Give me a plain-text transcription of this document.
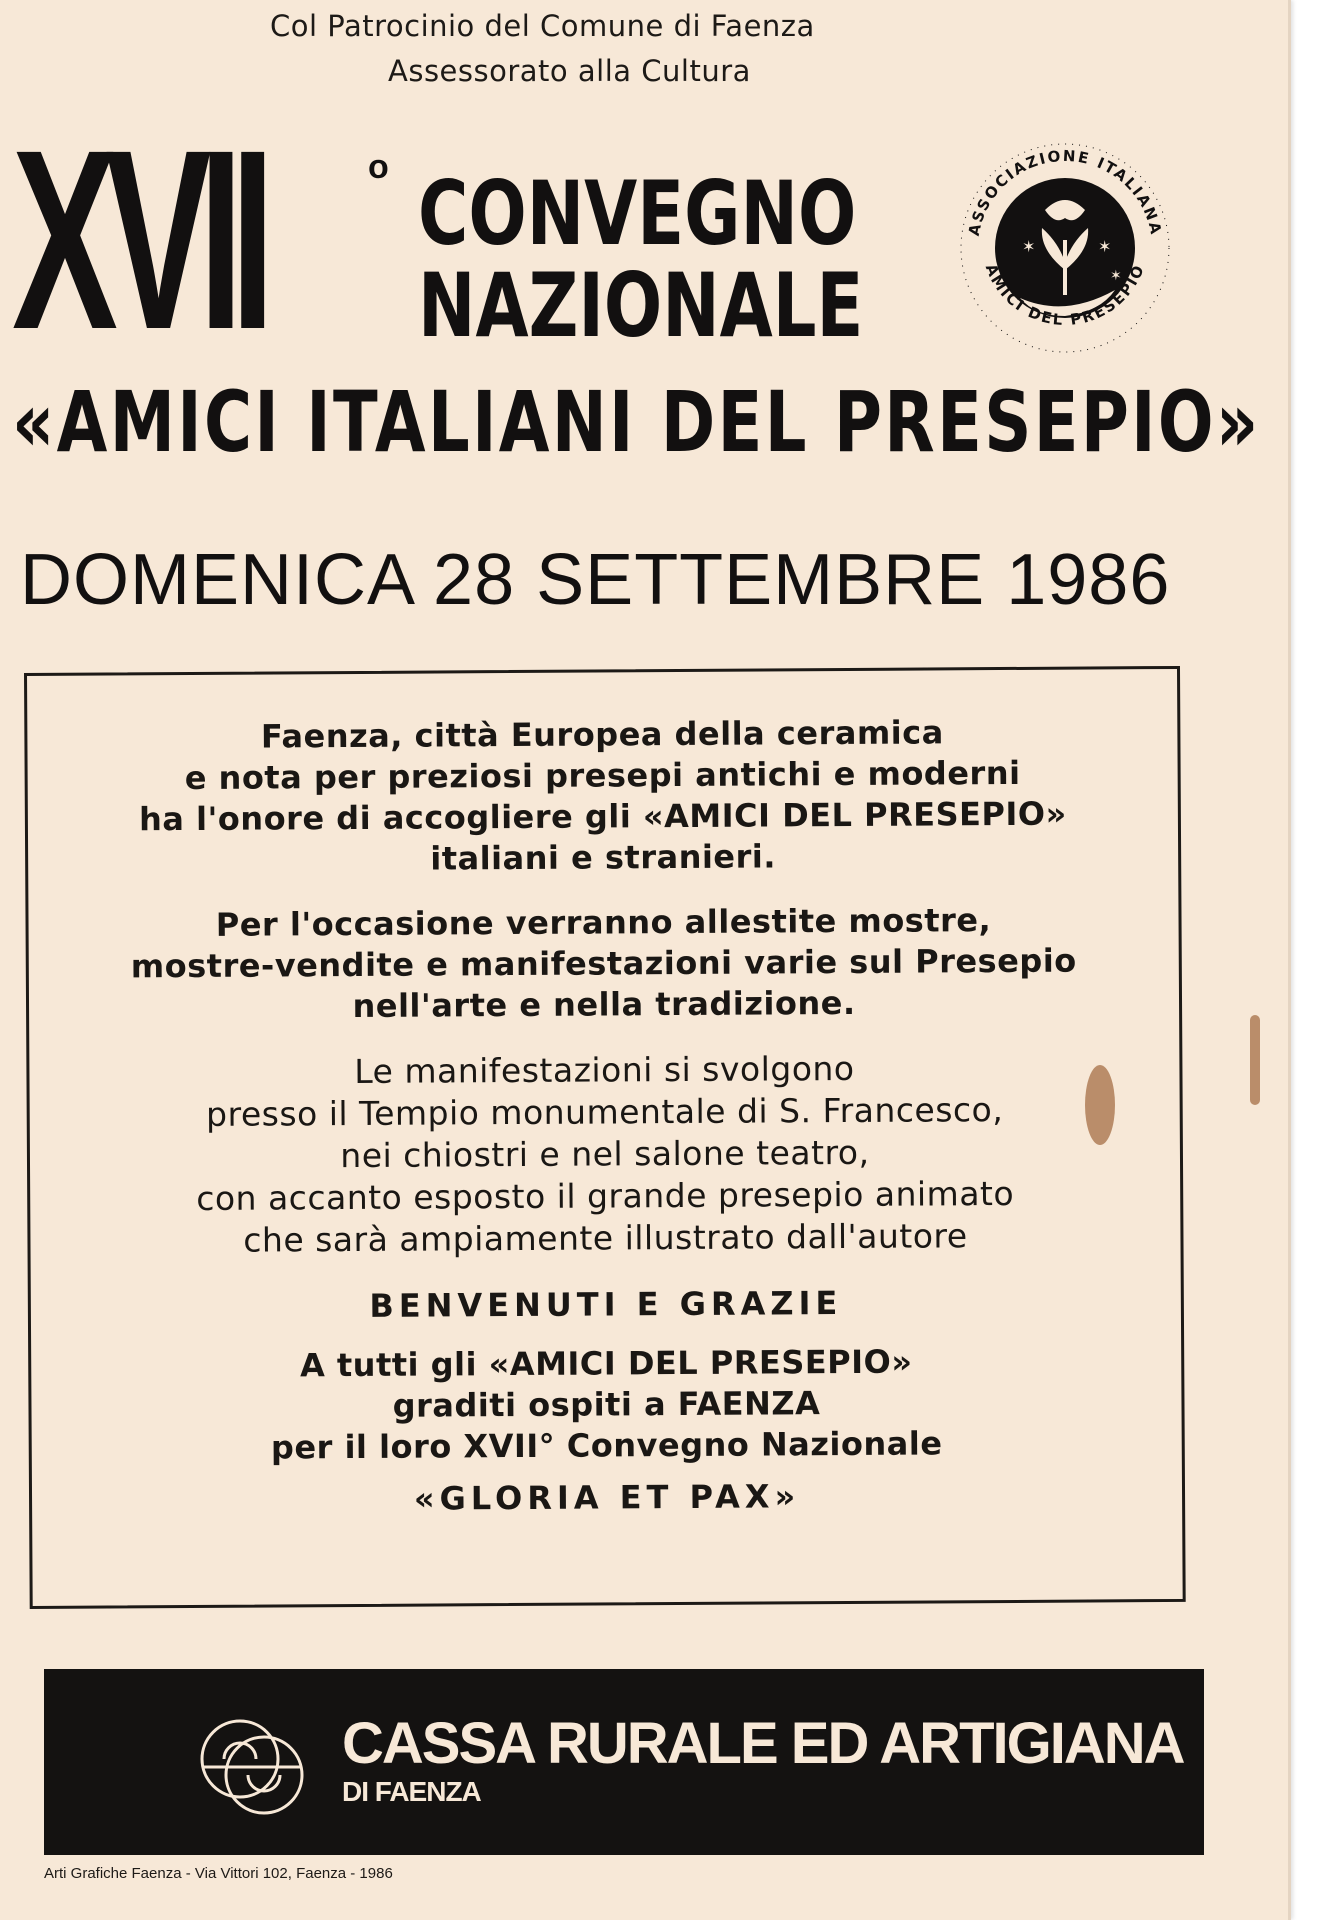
Col Patrocinio del Comune di Faenza
Assessorato alla Cultura
XVII	o CONVEGNO
NAZIONALE
✶	✶
✶
ASSOCIAZIONE ITALIANA
AMICI DEL PRESEPIO
«AMICI ITALIANI DEL PRESEPIO»
DOMENICA 28 SETTEMBRE 1986
Faenza, città Europea della ceramica
e nota per preziosi presepi antichi e moderni
ha l'onore di accogliere gli «AMICI DEL PRESEPIO»
italiani e stranieri.
Per l'occasione verranno allestite mostre,
mostre-vendite e manifestazioni varie sul Presepio
nell'arte e nella tradizione.
Le manifestazioni si svolgono
presso il Tempio monumentale di S. Francesco,
nei chiostri e nel salone teatro,
con accanto esposto il grande presepio animato
che sarà ampiamente illustrato dall'autore
BENVENUTI E GRAZIE
A tutti gli «AMICI DEL PRESEPIO»
graditi ospiti a FAENZA
per il loro XVII° Convegno Nazionale
«GLORIA ET PAX»
CASSA RURALE ED ARTIGIANA
DI FAENZA
Arti Grafiche Faenza - Via Vittori 102, Faenza - 1986
